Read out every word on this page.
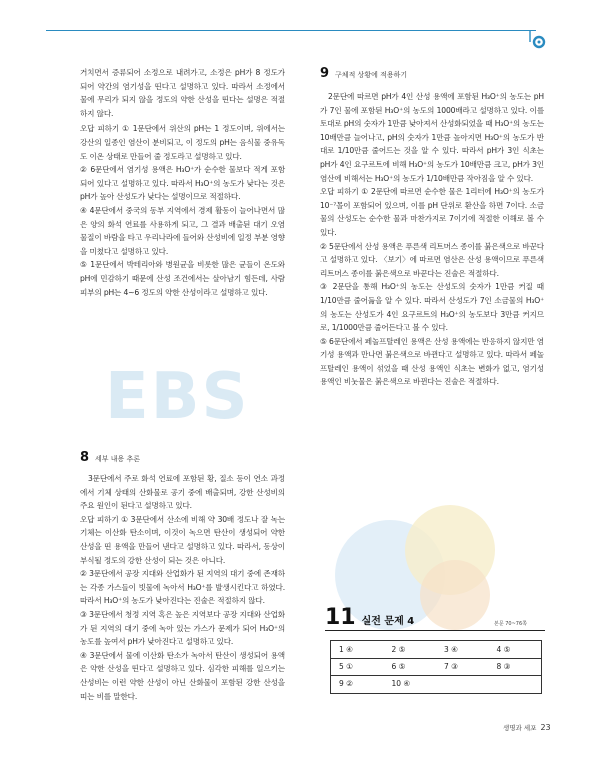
EBS

거치면서 증류되어 소정으로 내려가고, 소정은 pH가 8 정도가 되어 약간의 염기성을 띤다고 설명하고 있다. 따라서 소정에서 물에 무리가 되지 않을 정도의 약한 산성을 띤다는 설명은 적절하지 않다.

오답 피하기 ① 1문단에서 위산의 pH는 1 정도이며, 위에서는 강산의 일종인 염산이 분비되고, 이 정도의 pH는 음식물 중유독도 이온 상태로 만들어 줄 정도라고 설명하고 있다.

② 6문단에서 염기성 용액은 H₃O⁺가 순수한 물보다 적게 포함되어 있다고 설명하고 있다. 따라서 H₃O⁺의 농도가 낮다는 것은 pH가 높아 산성도가 낮다는 설명이므로 적절하다.

④ 4문단에서 중국의 동부 지역에서 경제 활동이 늘어나면서 많은 양의 화석 연료를 사용하게 되고, 그 결과 배출된 대기 오염 물질이 바람을 타고 우리나라에 들어와 산성비에 일정 부분 영향을 미쳤다고 설명하고 있다.

⑤ 1문단에서 박테리아와 병원균을 비롯한 많은 균들이 온도와 pH에 민감하기 때문에 산성 조건에서는 살아남기 힘든데, 사람 피부의 pH는 4~6 정도의 약한 산성이라고 설명하고 있다.

8 세부 내용 추론

3문단에서 주로 화석 연료에 포함된 황, 질소 등이 연소 과정에서 기체 상태의 산화물로 공기 중에 배출되며, 강한 산성비의 주요 원인이 된다고 설명하고 있다.

오답 피하기 ① 3문단에서 산소에 비해 약 30배 정도나 잘 녹는 기체는 이산화 탄소이며, 이것이 녹으면 탄산이 생성되어 약한 산성을 띤 용액을 만들어 낸다고 설명하고 있다. 따라서, 동상이 부식될 정도의 강한 산성이 되는 것은 아니다.

② 3문단에서 공장 지대와 산업화가 된 지역의 대기 중에 존재하는 각종 가스들이 빗물에 녹아서 H₃O⁺를 발생시킨다고 하였다. 따라서 H₃O⁺의 농도가 낮아진다는 진술은 적절하지 않다.

③ 3문단에서 청정 지역 혹은 높은 지역보다 공장 지대와 산업화가 된 지역의 대기 중에 녹아 있는 가스가 문제가 되어 H₃O⁺의 농도를 높여서 pH가 낮아진다고 설명하고 있다.

④ 3문단에서 물에 이산화 탄소가 녹아서 탄산이 생성되어 용액은 약한 산성을 띤다고 설명하고 있다. 심각한 피해를 일으키는 산성비는 이런 약한 산성이 아닌 산화물이 포함된 강한 산성을 띠는 비를 말한다.

9 구체적 상황에 적용하기

2문단에 따르면 pH가 4인 산성 용액에 포함된 H₃O⁺의 농도는 pH가 7인 물에 포함된 H₃O⁺의 농도의 1000배라고 설명하고 있다. 이를 토대로 pH의 숫자가 1만큼 낮아져서 산성화되었을 때 H₃O⁺의 농도는 10배만큼 늘어나고, pH의 숫자가 1만큼 높아지면 H₃O⁺의 농도가 반대로 1/10만큼 줄어드는 것을 알 수 있다. 따라서 pH가 3인 식초는 pH가 4인 요구르트에 비해 H₃O⁺의 농도가 10배만큼 크고, pH가 3인 염산에 비해서는 H₃O⁺의 농도가 1/10배만큼 작아짐을 알 수 있다.

오답 피하기 ① 2문단에 따르면 순수한 물은 1리터에 H₃O⁺의 농도가 10⁻⁷몰이 포함되어 있으며, 이를 pH 단위로 환산을 하면 7이다. 소금물의 산성도는 순수한 물과 마찬가지로 7이기에 적절한 이해로 볼 수 있다.

② 5문단에서 산성 용액은 푸른색 리트머스 종이를 붉은색으로 바꾼다고 설명하고 있다. 〈보기〉에 따르면 염산은 산성 용액이므로 푸른색 리트머스 종이를 붉은색으로 바꾼다는 진술은 적절하다.

③ 2문단을 통해 H₃O⁺의 농도는 산성도의 숫자가 1만큼 커질 때 1/10만큼 줄어듦을 알 수 있다. 따라서 산성도가 7인 소금물의 H₃O⁺의 농도는 산성도가 4인 요구르트의 H₃O⁺의 농도보다 3만큼 커지므로, 1/1000만큼 줄어든다고 볼 수 있다.

⑤ 6문단에서 페놀프탈레인 용액은 산성 용액에는 반응하지 않지만 염기성 용액과 만나면 붉은색으로 바뀐다고 설명하고 있다. 따라서 페놀프탈레인 용액이 섞었을 때 산성 용액인 식초는 변화가 없고, 염기성 용액인 비눗물은 붉은색으로 바뀐다는 진술은 적절하다.

11 실전 문제 4	본문 70~76쪽
1 ④	2 ⑤	3 ④	4 ⑤
5 ①	6 ⑤	7 ③	8 ③
9 ②	10 ④
생명과 세포 23
